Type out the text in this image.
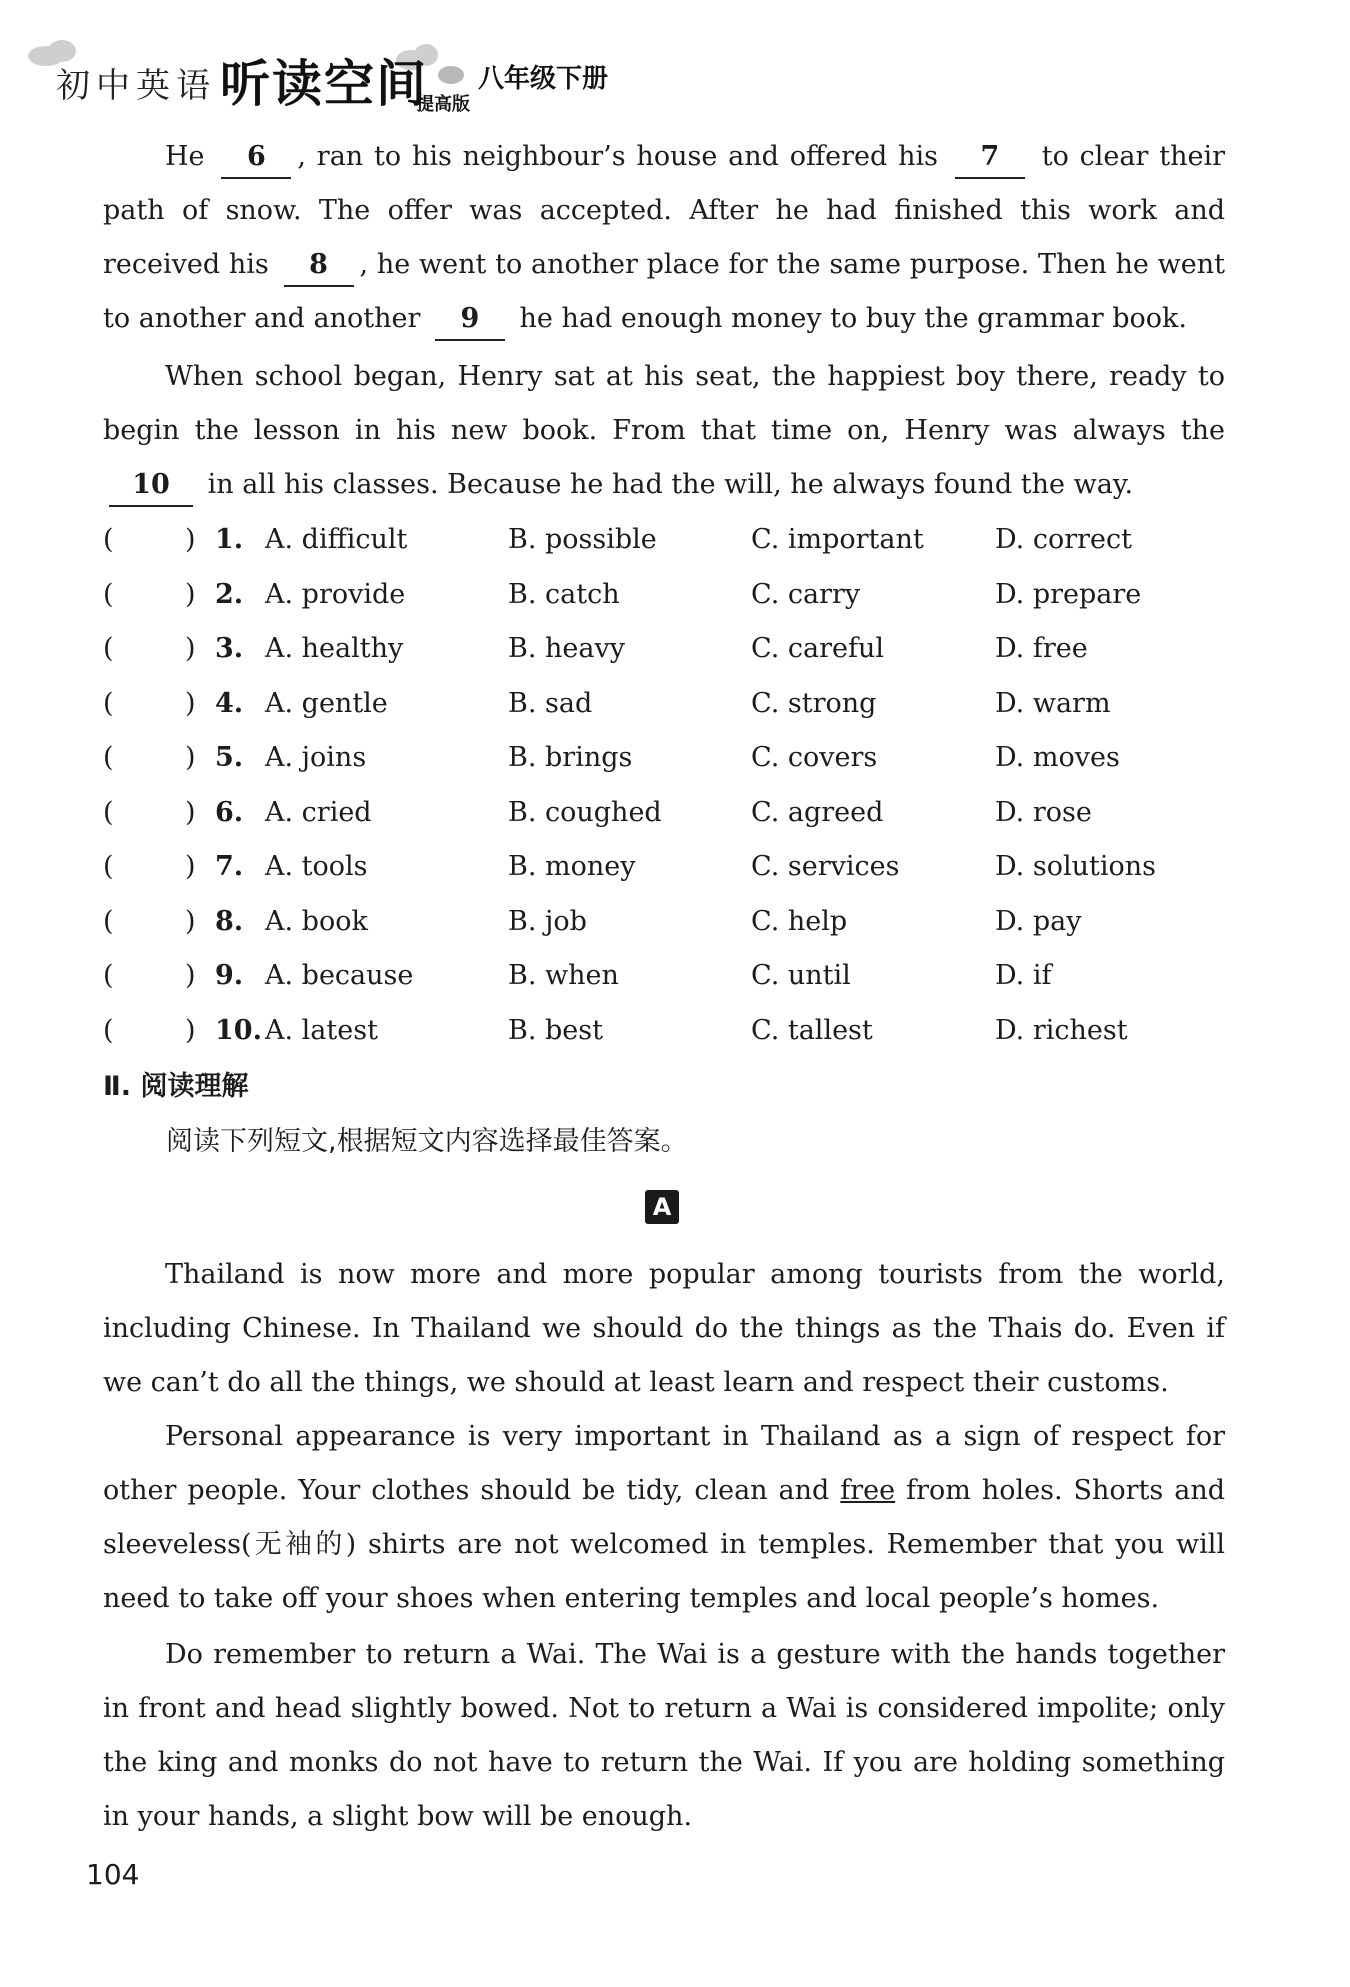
初中英语 听读空间
提高版
八年级下册
He 6 , ran to his neighbour’s house and offered his 7 to clear their path of snow. The offer was accepted. After he had finished this work and received his 8 , he went to another place for the same purpose. Then he went to another and another 9 he had enough money to buy the grammar book.
When school began, Henry sat at his seat, the happiest boy there, ready to begin the lesson in his new book. From that time on, Henry was always the 10 in all his classes. Because he had the will, he always found the way.
(	) 1. A. difficult	B. possible	C. important	D. correct
(	) 2. A. provide	B. catch	C. carry	D. prepare
(	) 3. A. healthy	B. heavy	C. careful	D. free
(	) 4. A. gentle	B. sad	C. strong	D. warm
(	) 5. A. joins	B. brings	C. covers	D. moves
(	) 6. A. cried	B. coughed	C. agreed	D. rose
(	) 7. A. tools	B. money	C. services	D. solutions
(	) 8. A. book	B. job	C. help	D. pay
(	) 9. A. because	B. when	C. until	D. if
(	) 10. A. latest	B. best	C. tallest	D. richest
Ⅱ. 阅读理解
阅读下列短文,根据短文内容选择最佳答案。
A
Thailand is now more and more popular among tourists from the world, including Chinese. In Thailand we should do the things as the Thais do. Even if we can’t do all the things, we should at least learn and respect their customs.
Personal appearance is very important in Thailand as a sign of respect for other people. Your clothes should be tidy, clean and free from holes. Shorts and sleeveless(无袖的) shirts are not welcomed in temples. Remember that you will need to take off your shoes when entering temples and local people’s homes.
Do remember to return a Wai. The Wai is a gesture with the hands together in front and head slightly bowed. Not to return a Wai is considered impolite; only the king and monks do not have to return the Wai. If you are holding something in your hands, a slight bow will be enough.
104
